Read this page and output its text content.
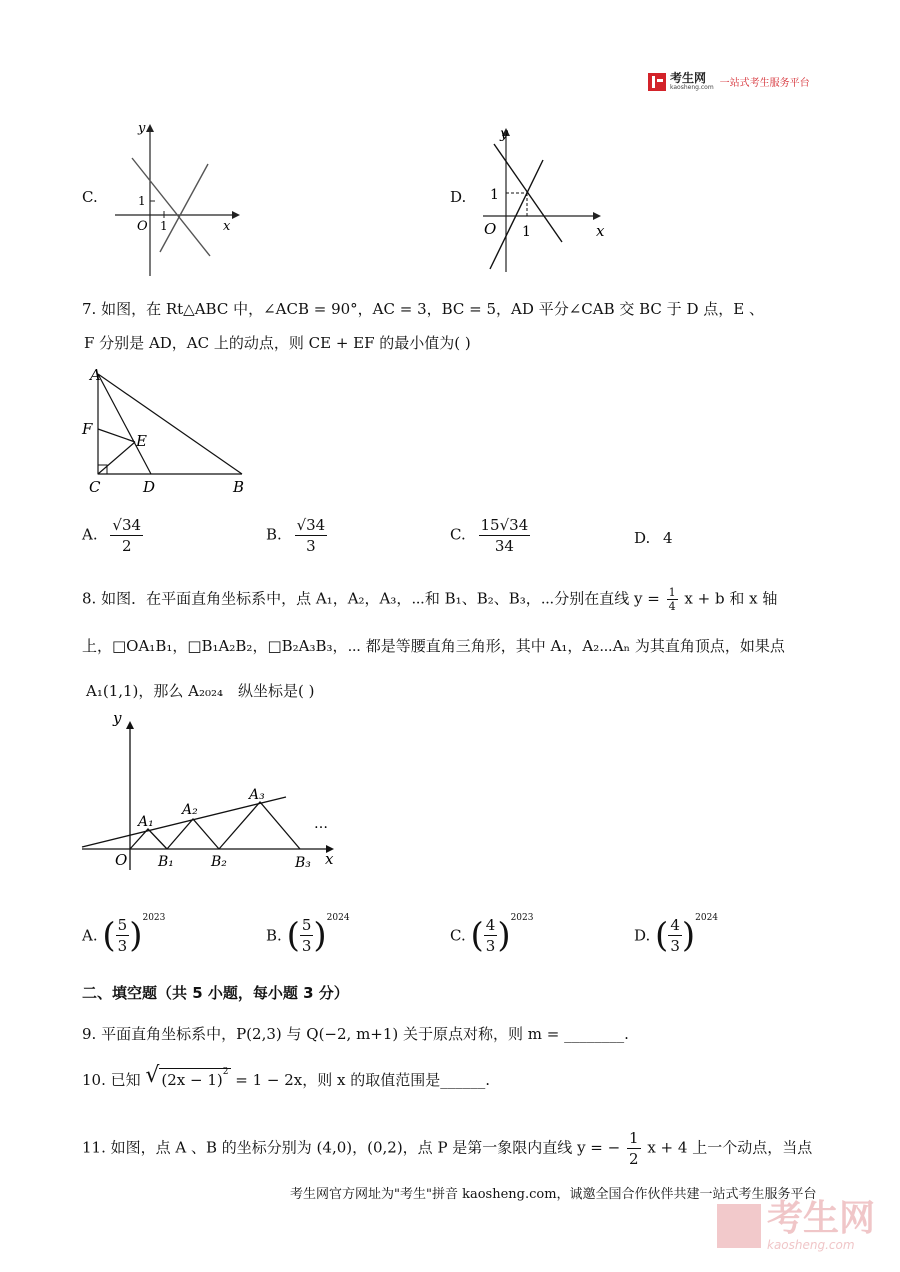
考生网
kaosheng.com 一站式考生服务平台
C.
y
x
O 1
1	D.
y
x
O 1
1
7. 如图，在 Rt△ABC 中，∠ACB = 90°，AC = 3，BC = 5，AD 平分∠CAB 交 BC 于 D 点，E 、
F 分别是 AD，AC 上的动点，则 CE + EF 的最小值为( )
A
F
E
C	D	B
A. $\frac{√34}{2}$	B. $\frac{√34}{3}$	C. $\frac{15√34}{34}$	D. 4
8. 如图．在平面直角坐标系中，点 A₁，A₂，A₃，⋯和 B₁、B₂、B₃，⋯分别在直线 $y = \frac{1}{4}$ x + b 和 x 轴
上，□OA₁B₁，□B₁A₂B₂，□B₂A₃B₃，⋯ 都是等腰直角三角形，其中 A₁，A₂⋯Aₙ 为其直角顶点，如果点
A₁(1,1)，那么 A₂₀₂₄　纵坐标是( )
y
x
O
A₁
A₂
A₃
B₁	B₂	B₃
…
A. ( $\frac{5}{3} )^{2023}$
B. ( $\frac{5}{3} )^{2024}$
C. ( $\frac{4}{3} )^{2023}$
D. ( $\frac{4}{3} )^{2024}$
二、填空题（共 5 小题，每小题 3 分）
9. 平面直角坐标系中，P(2,3) 与 Q(−2, m+1) 关于原点对称，则 m = ________.
10. 已知 √ $(2x - 1)^2 = 1 - 2x$，则 x 的取值范围是______.
11. 如图，点 A 、B 的坐标分别为 (4,0)，(0,2)，点 P 是第一象限内直线 y = − $\frac{1}{2}$ x + 4 上一个动点，当点
考生网官方网址为"考生"拼音 kaosheng.com，诚邀全国合作伙伴共建一站式考生服务平台
考生网
kaosheng.com
